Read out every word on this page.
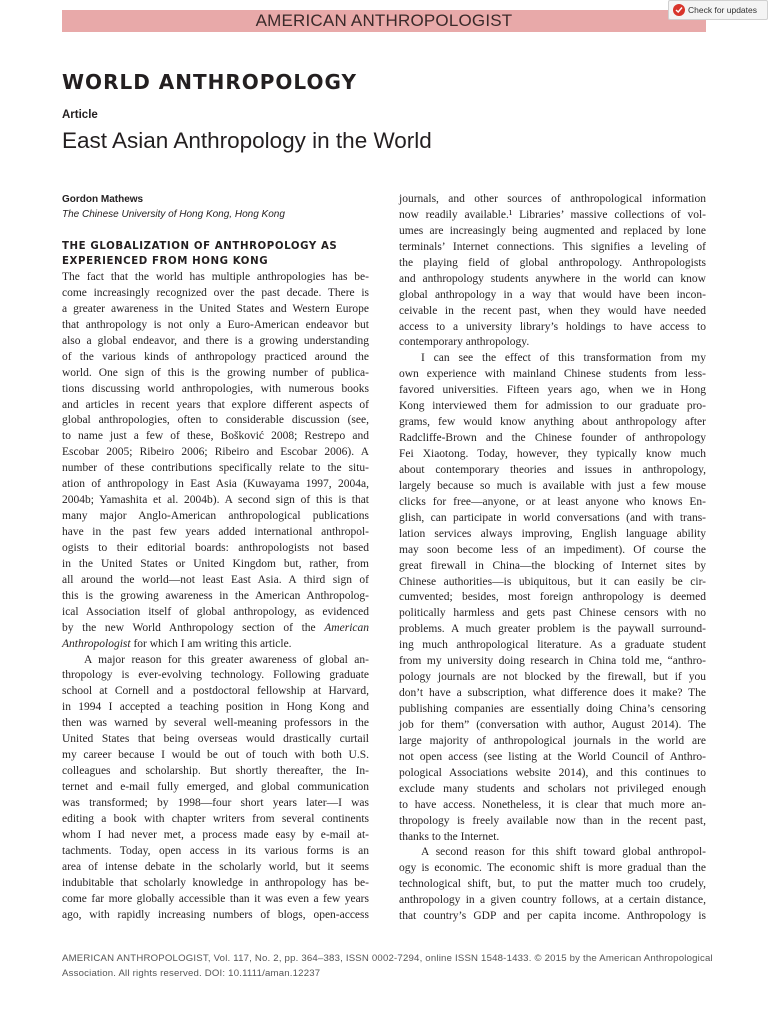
AMERICAN ANTHROPOLOGIST
Check for updates
WORLD ANTHROPOLOGY
Article
East Asian Anthropology in the World
Gordon Mathews
The Chinese University of Hong Kong, Hong Kong
THE GLOBALIZATION OF ANTHROPOLOGY AS EXPERIENCED FROM HONG KONG
The fact that the world has multiple anthropologies has be-
come increasingly recognized over the past decade. There is
a greater awareness in the United States and Western Europe
that anthropology is not only a Euro-American endeavor but
also a global endeavor, and there is a growing understanding
of the various kinds of anthropology practiced around the
world. One sign of this is the growing number of publica-
tions discussing world anthropologies, with numerous books
and articles in recent years that explore different aspects of
global anthropologies, often to considerable discussion (see,
to name just a few of these, Bošković 2008; Restrepo and
Escobar 2005; Ribeiro 2006; Ribeiro and Escobar 2006). A
number of these contributions specifically relate to the situ-
ation of anthropology in East Asia (Kuwayama 1997, 2004a,
2004b; Yamashita et al. 2004b). A second sign of this is that
many major Anglo-American anthropological publications
have in the past few years added international anthropol-
ogists to their editorial boards: anthropologists not based
in the United States or United Kingdom but, rather, from
all around the world—not least East Asia. A third sign of
this is the growing awareness in the American Anthropolog-
ical Association itself of global anthropology, as evidenced
by the new World Anthropology section of the American
Anthropologist for which I am writing this article.
A major reason for this greater awareness of global an-
thropology is ever-evolving technology. Following graduate
school at Cornell and a postdoctoral fellowship at Harvard,
in 1994 I accepted a teaching position in Hong Kong and
then was warned by several well-meaning professors in the
United States that being overseas would drastically curtail
my career because I would be out of touch with both U.S.
colleagues and scholarship. But shortly thereafter, the In-
ternet and e-mail fully emerged, and global communication
was transformed; by 1998—four short years later—I was
editing a book with chapter writers from several continents
whom I had never met, a process made easy by e-mail at-
tachments. Today, open access in its various forms is an
area of intense debate in the scholarly world, but it seems
indubitable that scholarly knowledge in anthropology has be-
come far more globally accessible than it was even a few years
ago, with rapidly increasing numbers of blogs, open-access
journals, and other sources of anthropological information
now readily available.¹ Libraries’ massive collections of vol-
umes are increasingly being augmented and replaced by lone
terminals’ Internet connections. This signifies a leveling of
the playing field of global anthropology. Anthropologists
and anthropology students anywhere in the world can know
global anthropology in a way that would have been incon-
ceivable in the recent past, when they would have needed
access to a university library’s holdings to have access to
contemporary anthropology.
I can see the effect of this transformation from my
own experience with mainland Chinese students from less-
favored universities. Fifteen years ago, when we in Hong
Kong interviewed them for admission to our graduate pro-
grams, few would know anything about anthropology after
Radcliffe-Brown and the Chinese founder of anthropology
Fei Xiaotong. Today, however, they typically know much
about contemporary theories and issues in anthropology,
largely because so much is available with just a few mouse
clicks for free—anyone, or at least anyone who knows En-
glish, can participate in world conversations (and with trans-
lation services always improving, English language ability
may soon become less of an impediment). Of course the
great firewall in China—the blocking of Internet sites by
Chinese authorities—is ubiquitous, but it can easily be cir-
cumvented; besides, most foreign anthropology is deemed
politically harmless and gets past Chinese censors with no
problems. A much greater problem is the paywall surround-
ing much anthropological literature. As a graduate student
from my university doing research in China told me, “anthro-
pology journals are not blocked by the firewall, but if you
don’t have a subscription, what difference does it make? The
publishing companies are essentially doing China’s censoring
job for them” (conversation with author, August 2014). The
large majority of anthropological journals in the world are
not open access (see listing at the World Council of Anthro-
pological Associations website 2014), and this continues to
exclude many students and scholars not privileged enough
to have access. Nonetheless, it is clear that much more an-
thropology is freely available now than in the recent past,
thanks to the Internet.
A second reason for this shift toward global anthropol-
ogy is economic. The economic shift is more gradual than the
technological shift, but, to put the matter much too crudely,
anthropology in a given country follows, at a certain distance,
that country’s GDP and per capita income. Anthropology is
AMERICAN ANTHROPOLOGIST, Vol. 117, No. 2, pp. 364–383, ISSN 0002-7294, online ISSN 1548-1433. © 2015 by the American Anthropological
Association. All rights reserved. DOI: 10.1111/aman.12237
